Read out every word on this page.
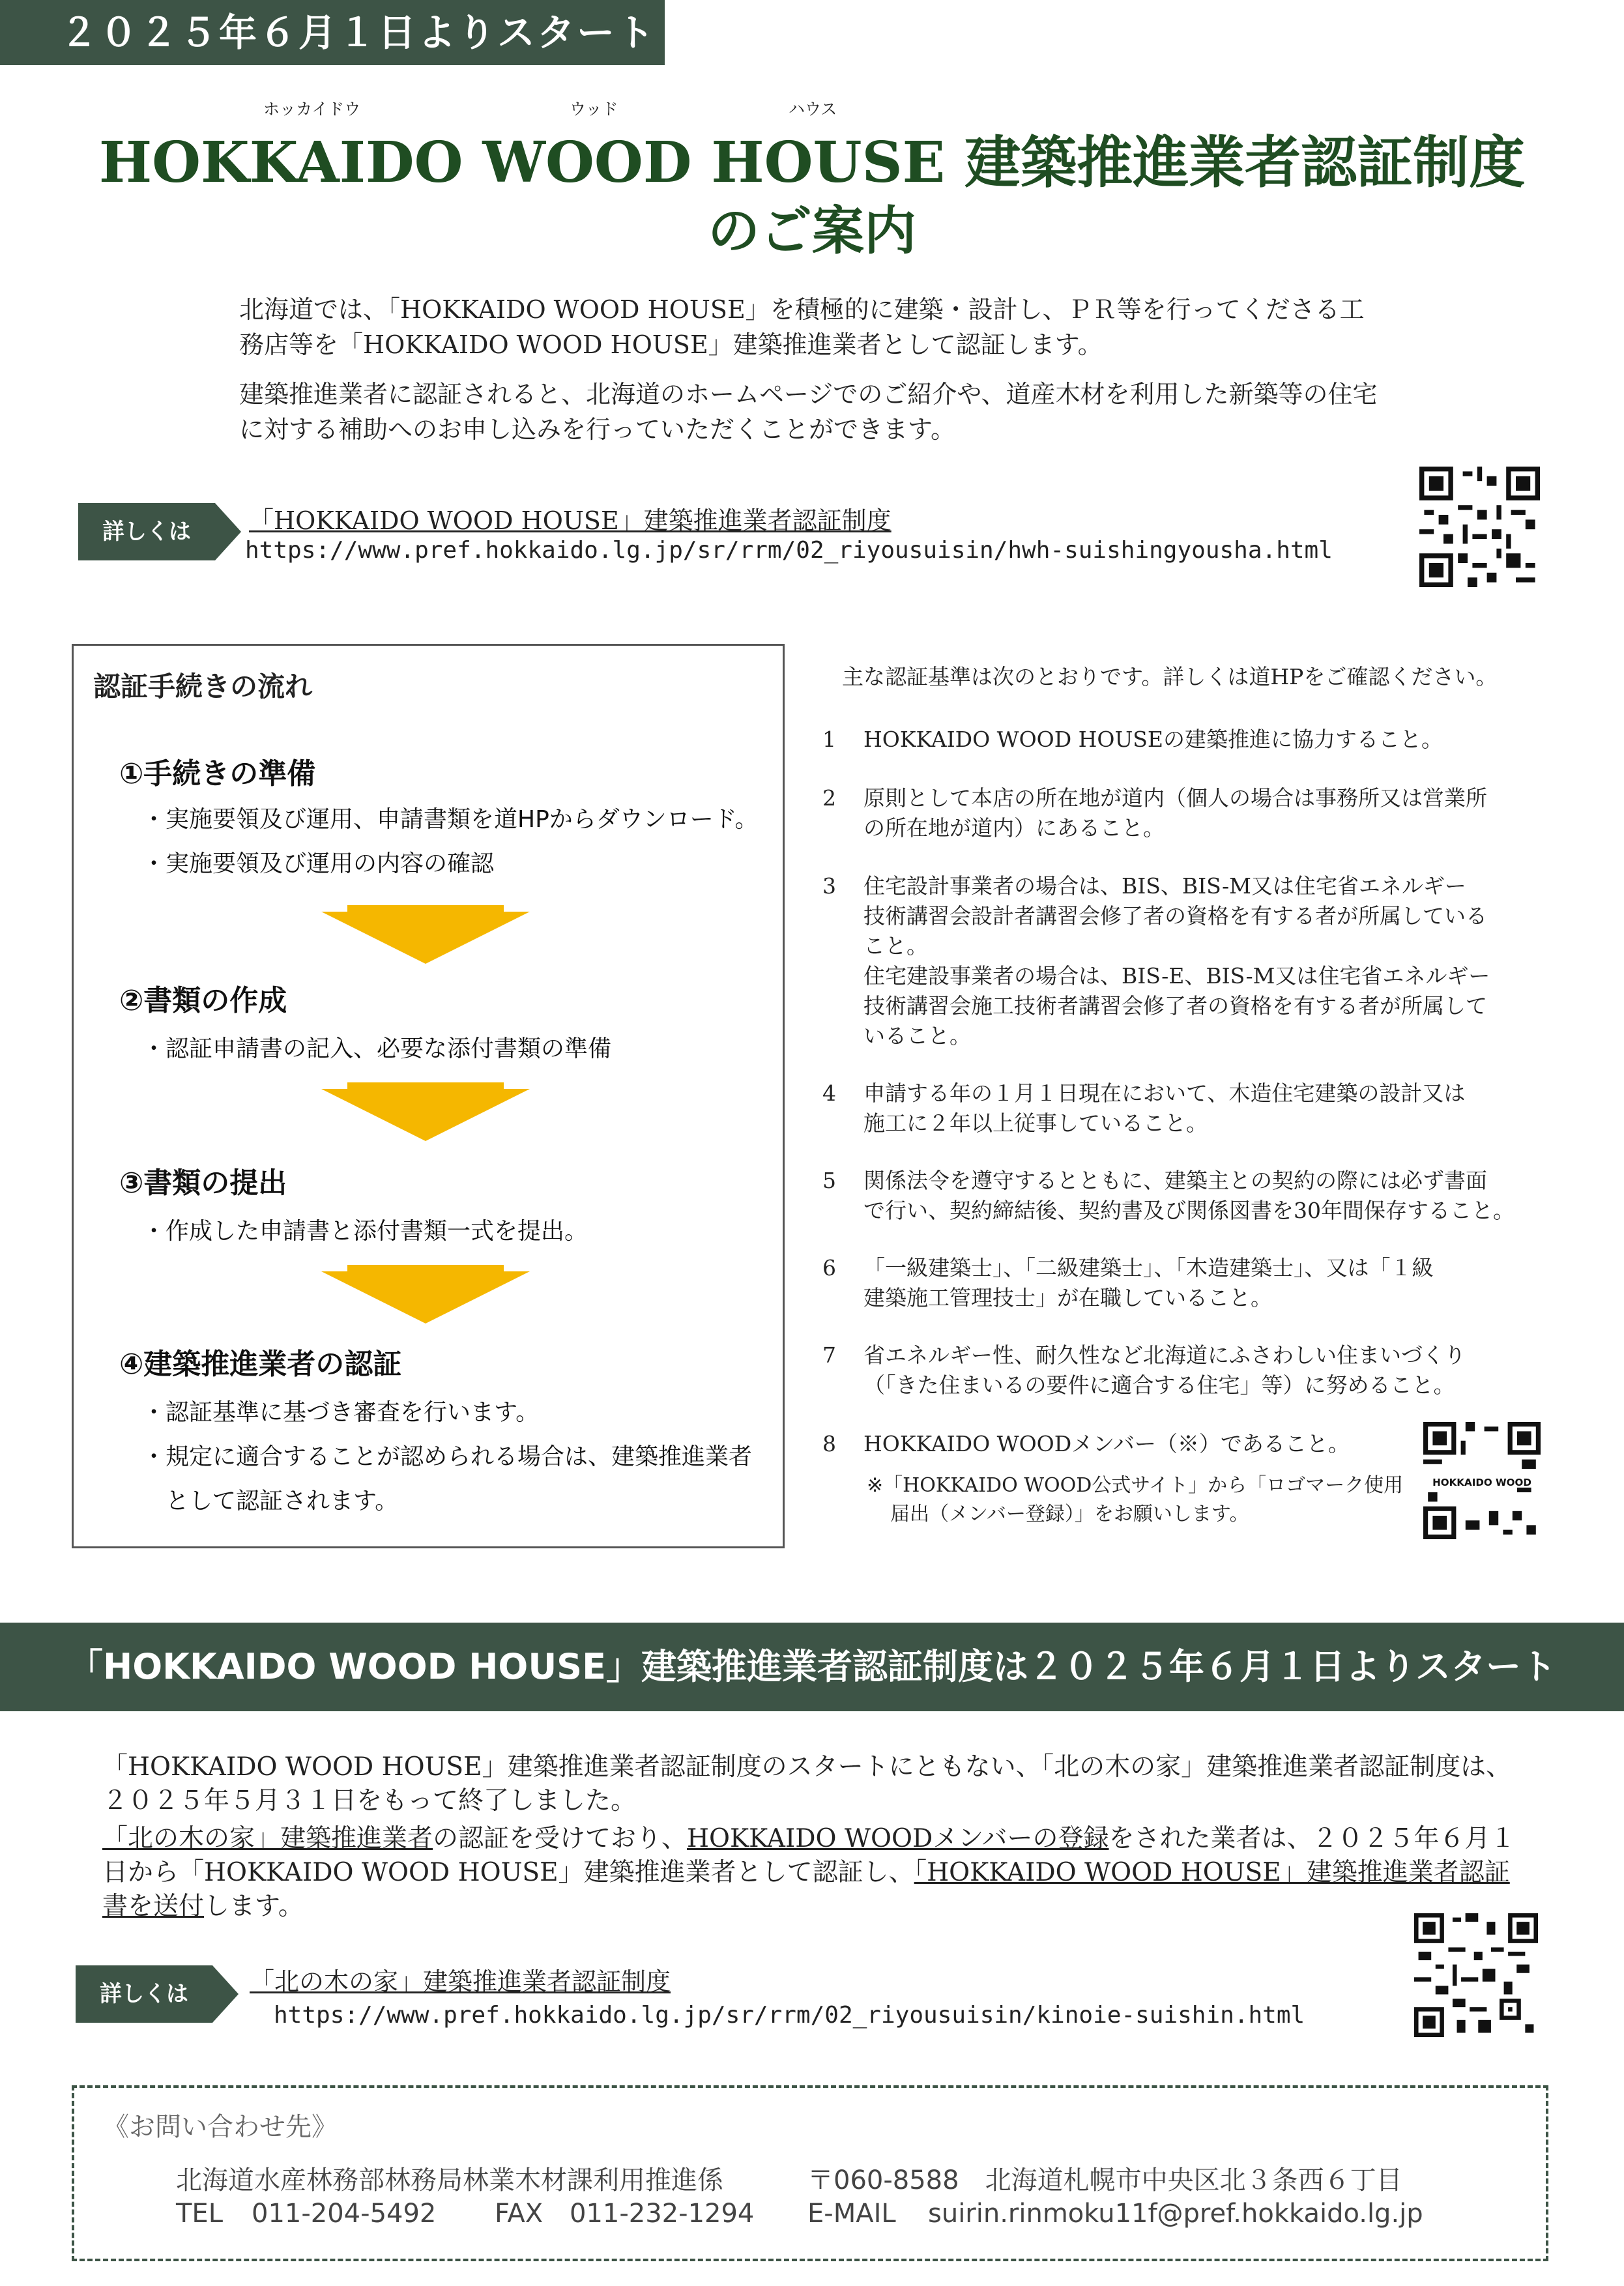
２０２５年６月１日よりスタート
ホッカイドウ	ウッド	ハウス
HOKKAIDO WOOD HOUSE 建築推進業者認証制度
のご案内
北海道では、「HOKKAIDO WOOD HOUSE」を積極的に建築・設計し、ＰＲ等を行ってくださる工務店等を「HOKKAIDO WOOD HOUSE」建築推進業者として認証します。
建築推進業者に認証されると、北海道のホームページでのご紹介や、道産木材を利用した新築等の住宅に対する補助へのお申し込みを行っていただくことができます。
詳しくは	「HOKKAIDO WOOD HOUSE」建築推進業者認証制度
https://www.pref.hokkaido.lg.jp/sr/rrm/02_riyousuisin/hwh-suishingyousha.html
認証手続きの流れ
①手続きの準備
・実施要領及び運用、申請書類を道HPからダウンロード。
・実施要領及び運用の内容の確認
②書類の作成
・認証申請書の記入、必要な添付書類の準備
③書類の提出
・作成した申請書と添付書類一式を提出。
④建築推進業者の認証
・認証基準に基づき審査を行います。
・規定に適合することが認められる場合は、建築推進業者
　として認証されます。
主な認証基準は次のとおりです。詳しくは道HPをご確認ください。
1	HOKKAIDO WOOD HOUSEの建築推進に協力すること。
2	原則として本店の所在地が道内（個人の場合は事務所又は営業所
の所在地が道内）にあること。
3	住宅設計事業者の場合は、BIS、BIS-M又は住宅省エネルギー
技術講習会設計者講習会修了者の資格を有する者が所属している
こと。
住宅建設事業者の場合は、BIS-E、BIS-M又は住宅省エネルギー
技術講習会施工技術者講習会修了者の資格を有する者が所属して
いること。
4	申請する年の１月１日現在において、木造住宅建築の設計又は
施工に２年以上従事していること。
5	関係法令を遵守するとともに、建築主との契約の際には必ず書面
で行い、契約締結後、契約書及び関係図書を30年間保存すること。
6	「一級建築士」、「二級建築士」、「木造建築士」、又は「１級
建築施工管理技士」が在職していること。
7	省エネルギー性、耐久性など北海道にふさわしい住まいづくり
（「きた住まいるの要件に適合する住宅」等）に努めること。
8	HOKKAIDO WOODメンバー（※）であること。
※「HOKKAIDO WOOD公式サイト」から「ロゴマーク使用
届出（メンバー登録）」をお願いします。
HOKKAIDO WOOD
「HOKKAIDO WOOD HOUSE」建築推進業者認証制度は２０２５年６月１日よりスタート
「HOKKAIDO WOOD HOUSE」建築推進業者認証制度のスタートにともない、「北の木の家」建築推進業者認証制度は、２０２５年５月３１日をもって終了しました。
「北の木の家」建築推進業者の認証を受けており、HOKKAIDO WOODメンバーの登録をされた業者は、２０２５年６月１日から「HOKKAIDO WOOD HOUSE」建築推進業者として認証し、「HOKKAIDO WOOD HOUSE」建築推進業者認証書を送付します。
詳しくは	「北の木の家」建築推進業者認証制度
https://www.pref.hokkaido.lg.jp/sr/rrm/02_riyousuisin/kinoie-suishin.html
《お問い合わせ先》
北海道水産林務部林務局林業木材課利用推進係	〒060-8588　北海道札幌市中央区北３条西６丁目
TEL 011-204-5492 FAX 011-232-1294 E-MAIL suirin.rinmoku11f@pref.hokkaido.lg.jp
